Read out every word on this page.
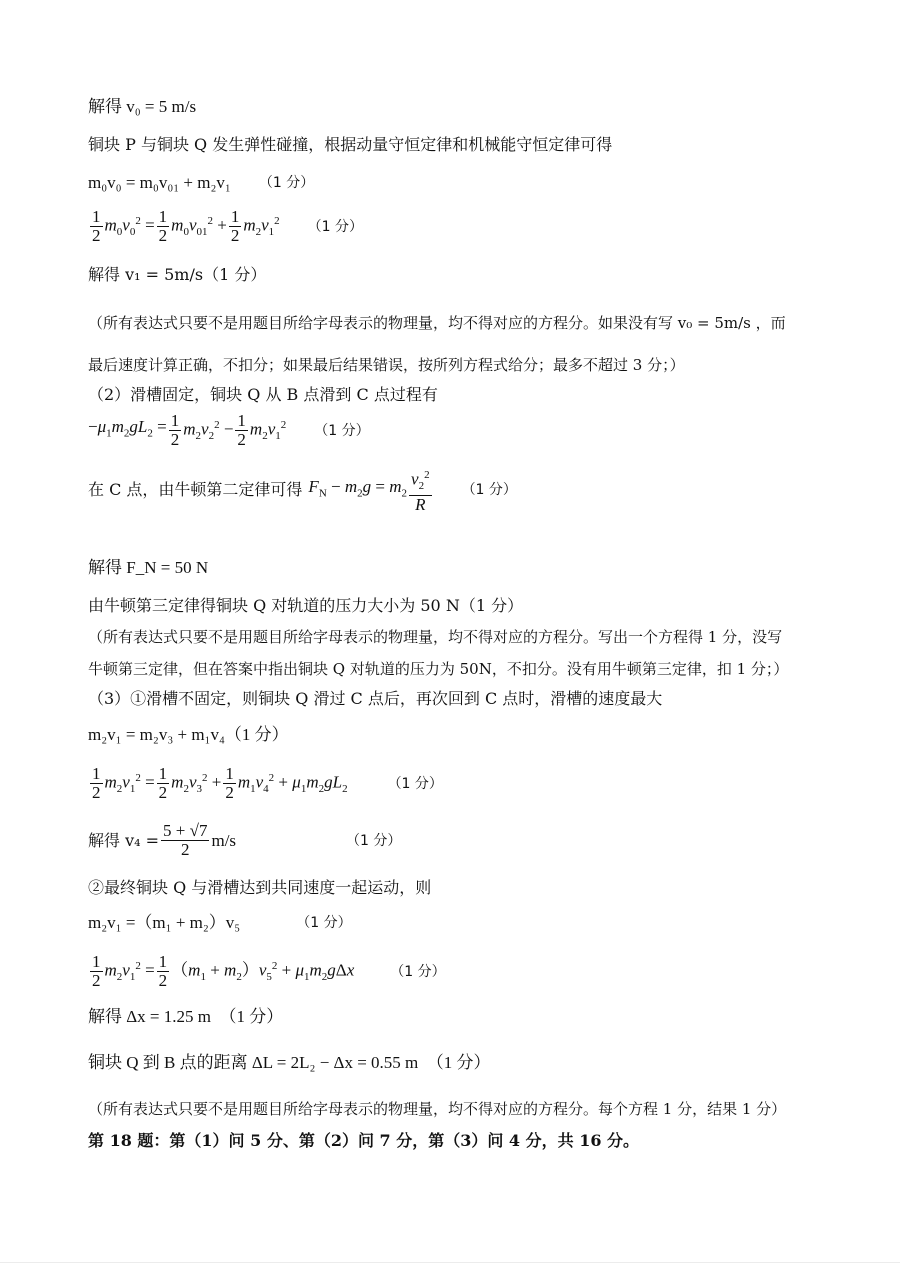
解得 v₀ = 5 m/s
铜块 P 与铜块 Q 发生弹性碰撞，根据动量守恒定律和机械能守恒定律可得
m₀v₀ = m₀v₀₁ + m₂v₁ （1 分）
$\frac{1}{2} m_0v_0^2 = \frac{1}{2} m_0v_{01}^2 + \frac{1}{2} m_2v_1^2$ （1 分）
解得 v₁ = 5m/s（1 分）
（所有表达式只要不是用题目所给字母表示的物理量，均不得对应的方程分。如果没有写 v₀ = 5m/s ，而
最后速度计算正确，不扣分；如果最后结果错误，按所列方程式给分；最多不超过 3 分；）
（2）滑槽固定，铜块 Q 从 B 点滑到 C 点过程有
$-\mu_1m_2gL_2 = \frac{1}{2} m_2v_2^2 - \frac{1}{2} m_2v_1^2$ （1 分）
在 C 点，由牛顿第二定律可得 $F_N - m_2g = m_2 \frac{v_2^2}{R} (1$ 分）
解得 F_N = 50 N
由牛顿第三定律得铜块 Q 对轨道的压力大小为 50 N（1 分）
（所有表达式只要不是用题目所给字母表示的物理量，均不得对应的方程分。写出一个方程得 1 分，没写
牛顿第三定律，但在答案中指出铜块 Q 对轨道的压力为 50N，不扣分。没有用牛顿第三定律，扣 1 分；）
（3）①滑槽不固定，则铜块 Q 滑过 C 点后，再次回到 C 点时，滑槽的速度最大
m₂v₁ = m₂v₃ + m₁v₄（1 分）
$\frac{1}{2} m_2v_1^2 = \frac{1}{2} m_2v_3^2 + \frac{1}{2} m_1v_4^2 + \mu_1m_2gL_2$	（1 分）
解得 $v_4 = \frac{5 + √7}{2} m/s$	（1 分）
②最终铜块 Q 与滑槽达到共同速度一起运动，则
m₂v₁ =（m₁ + m₂）v₅	（1 分）
$\frac{1}{2} m_2v_1^2 = \frac{1}{2} (m_1 + m_2)v_5^2 + \mu_1m_2g\Delta x$	（1 分）
解得 Δx = 1.25 m　（1 分）
铜块 Q 到 B 点的距离 ΔL = 2L₂ − Δx = 0.55 m　（1 分）
（所有表达式只要不是用题目所给字母表示的物理量，均不得对应的方程分。每个方程 1 分，结果 1 分）
第 18 题：第（1）问 5 分、第（2）问 7 分，第（3）问 4 分，共 16 分。
